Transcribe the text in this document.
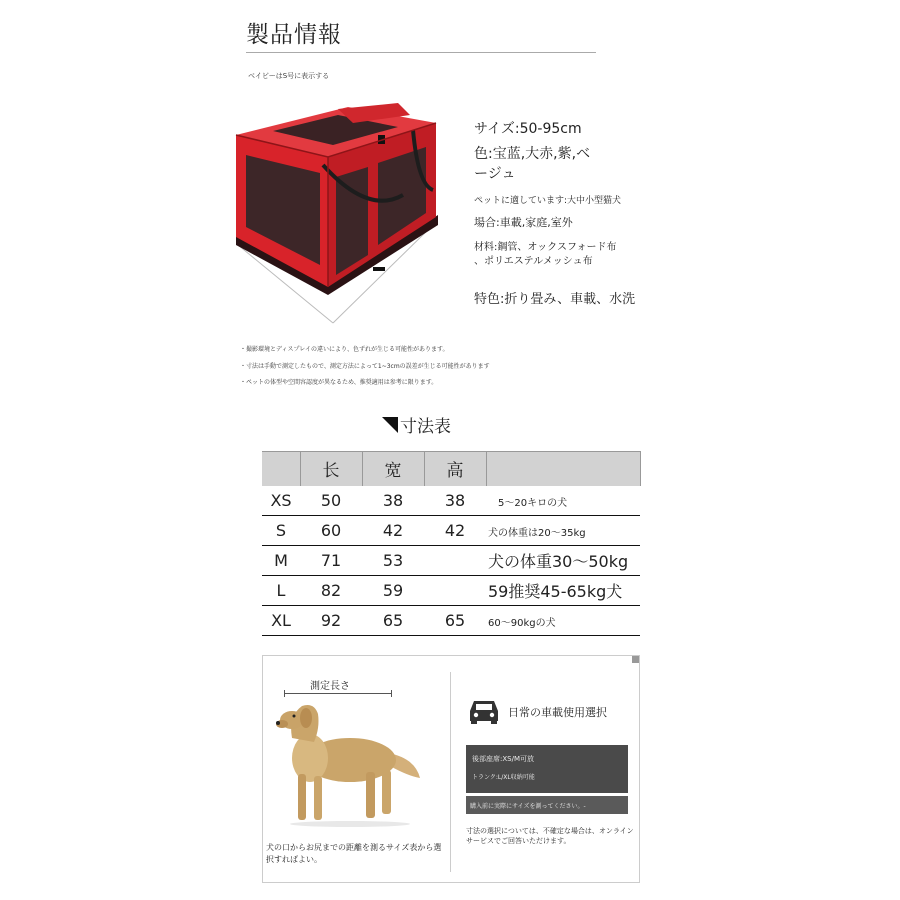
製品情報
ベイビーはS号に表示する
サイズ:50-95cm
色:宝蓝,大赤,紫,ベ
ージュ
ペットに適しています:大中小型猫犬
場合:車載,家庭,室外
材料:鋼管、オックスフォード布
、ポリエステルメッシュ布
特色:折り畳み、車載、水洗
・撮影環境とディスプレイの違いにより、色ずれが生じる可能性があります。
・寸法は手動で測定したもので、測定方法によって1~3cmの誤差が生じる可能性があります
・ペットの体型や空間容認度が異なるため、推奨適用は参考に限ります。
寸法表
	长	宽	高	
XS	50	38	38	　5～20キロの犬
S	60	42	42	犬の体重は20～35kg
M	71	53		犬の体重30～50kg
L	82	59		59推奨45-65kg犬
XL	92	65	65	60～90kgの犬
測定長さ
犬の口からお尻までの距離を測るサイズ表から選択すればよい。
日常の車載使用選択
後部座席:XS/M可放
トランク:L/XL収納可能
購入前に実際にサイズを測ってください。-
寸法の選択については、不確定な場合は、オンラインサービスでご回答いただけます。
